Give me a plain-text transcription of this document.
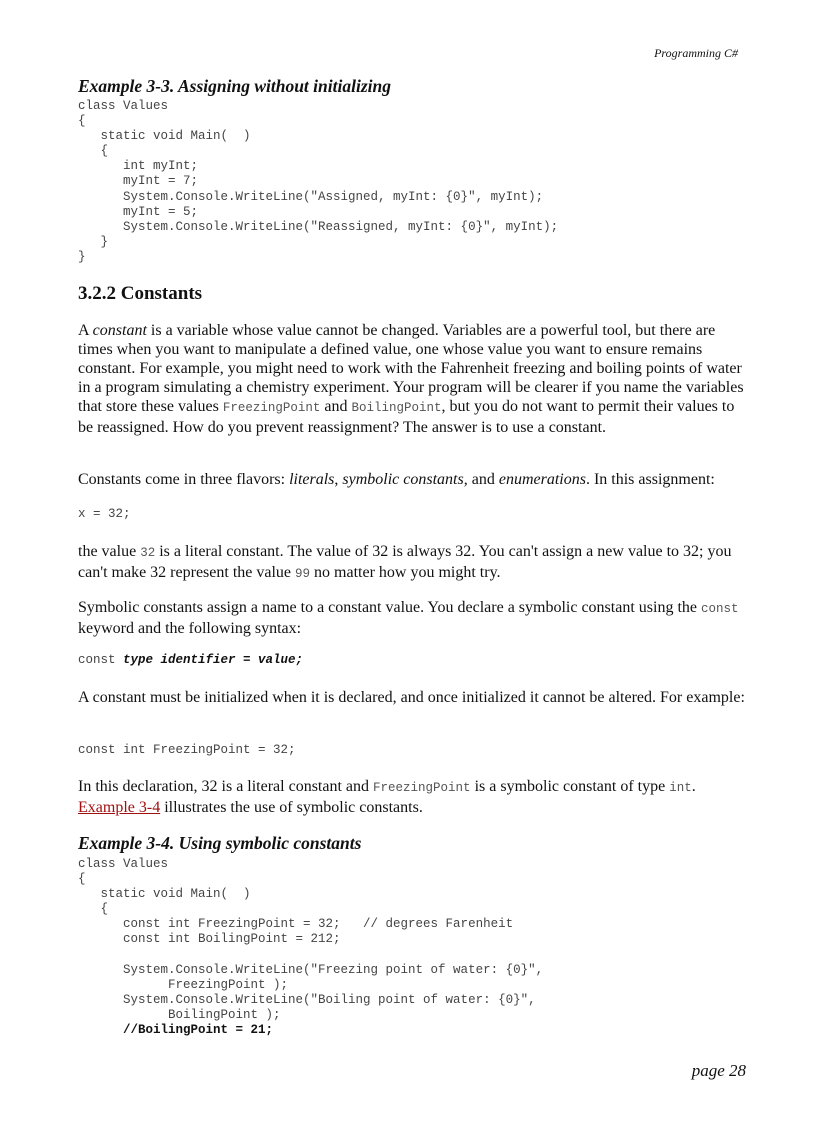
Programming C#
Example 3-3. Assigning without initializing
class Values
{
static void Main(  )
{
int myInt;
myInt = 7;
System.Console.WriteLine("Assigned, myInt: {0}", myInt);
myInt = 5;
System.Console.WriteLine("Reassigned, myInt: {0}", myInt);
}
}
3.2.2 Constants

A constant is a variable whose value cannot be changed. Variables are a powerful tool, but there are times when you want to manipulate a defined value, one whose value you want to ensure remains constant. For example, you might need to work with the Fahrenheit freezing and boiling points of water in a program simulating a chemistry experiment. Your program will be clearer if you name the variables that store these values FreezingPoint and BoilingPoint, but you do not want to permit their values to be reassigned. How do you prevent reassignment? The answer is to use a constant.

Constants come in three flavors: literals, symbolic constants, and enumerations. In this assignment:

x = 32;

the value 32 is a literal constant. The value of 32 is always 32. You can't assign a new value to 32; you can't make 32 represent the value 99 no matter how you might try.

Symbolic constants assign a name to a constant value. You declare a symbolic constant using the const keyword and the following syntax:

const type identifier = value;

A constant must be initialized when it is declared, and once initialized it cannot be altered. For example:

const int FreezingPoint = 32;

In this declaration, 32 is a literal constant and FreezingPoint is a symbolic constant of type int.
Example 3-4 illustrates the use of symbolic constants.

Example 3-4. Using symbolic constants
class Values
{
static void Main(  )
{
const int FreezingPoint = 32;   // degrees Farenheit
const int BoilingPoint = 212;

System.Console.WriteLine("Freezing point of water: {0}",
FreezingPoint );
System.Console.WriteLine("Boiling point of water: {0}",
BoilingPoint );
//BoilingPoint = 21;
page 28
